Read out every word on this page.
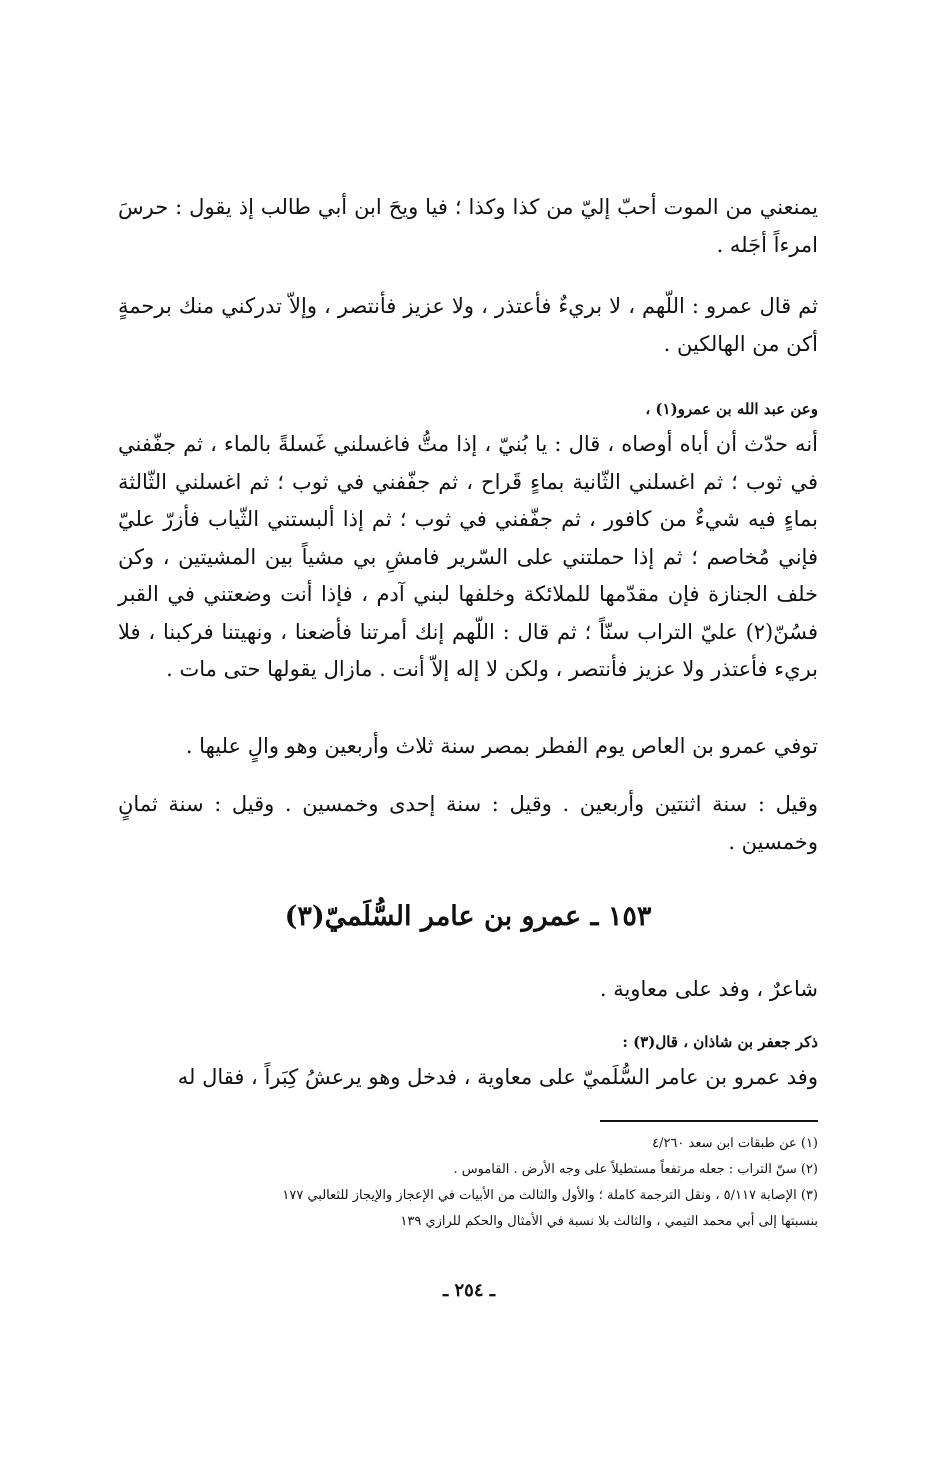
يمنعني من الموت أحبّ إليّ من كذا وكذا ؛ فيا ويحَ ابن أبي طالب إذ يقول : حرسَ امرءاً أجَله .
ثم قال عمرو : اللّهم ، لا بريءٌ فأعتذر ، ولا عزيز فأنتصر ، وإلاّ تدركني منك برحمةٍ أكن من الهالكين .
وعن عبد الله بن عمرو(١) ،
أنه حدّث أن أباه أوصاه ، قال : يا بُنيّ ، إذا متُّ فاغسلني غَسلةً بالماء ، ثم جفّفني في ثوب ؛ ثم اغسلني الثّانية بماءٍ قَراح ، ثم جفّفني في ثوب ؛ ثم اغسلني الثّالثة بماءٍ فيه شيءٌ من كافور ، ثم جفّفني في ثوب ؛ ثم إذا ألبستني الثّياب فأزرّ عليّ فإني مُخاصم ؛ ثم إذا حملتني على السّرير فامشِ بي مشياً بين المشيتين ، وكن خلف الجنازة فإن مقدّمها للملائكة وخلفها لبني آدم ، فإذا أنت وضعتني في القبر فسُنّ(٢) عليّ التراب سنّاً ؛ ثم قال : اللّهم إنك أمرتنا فأضعنا ، ونهيتنا فركبنا ، فلا بريء فأعتذر ولا عزيز فأنتصر ، ولكن لا إله إلاّ أنت . مازال يقولها حتى مات .
توفي عمرو بن العاص يوم الفطر بمصر سنة ثلاث وأربعين وهو والٍ عليها .
وقيل : سنة اثنتين وأربعين . وقيل : سنة إحدى وخمسين . وقيل : سنة ثمانٍ وخمسين .
١٥٣ ـ عمرو بن عامر السُّلَميّ(٣)
شاعرٌ ، وفد على معاوية .
ذكر جعفر بن شاذان ، قال(٣) :
وفد عمرو بن عامر السُّلَميّ على معاوية ، فدخل وهو يرعشُ كِبَراً ، فقال له
(١) عن طبقات ابن سعد ٤/٢٦٠
(٢) سنّ التراب : جعله مرتفعاً مستطيلاً على وجه الأرض . القاموس .
(٣) الإصابة ٥/١١٧ ، ونقل الترجمة كاملة ؛ والأول والثالث من الأبيات في الإعجاز والإيجاز للثعالبي ١٧٧
بنسبتها إلى أبي محمد التيمي ، والثالث بلا نسبة في الأمثال والحكم للرازي ١٣٩
ـ ٢٥٤ ـ
